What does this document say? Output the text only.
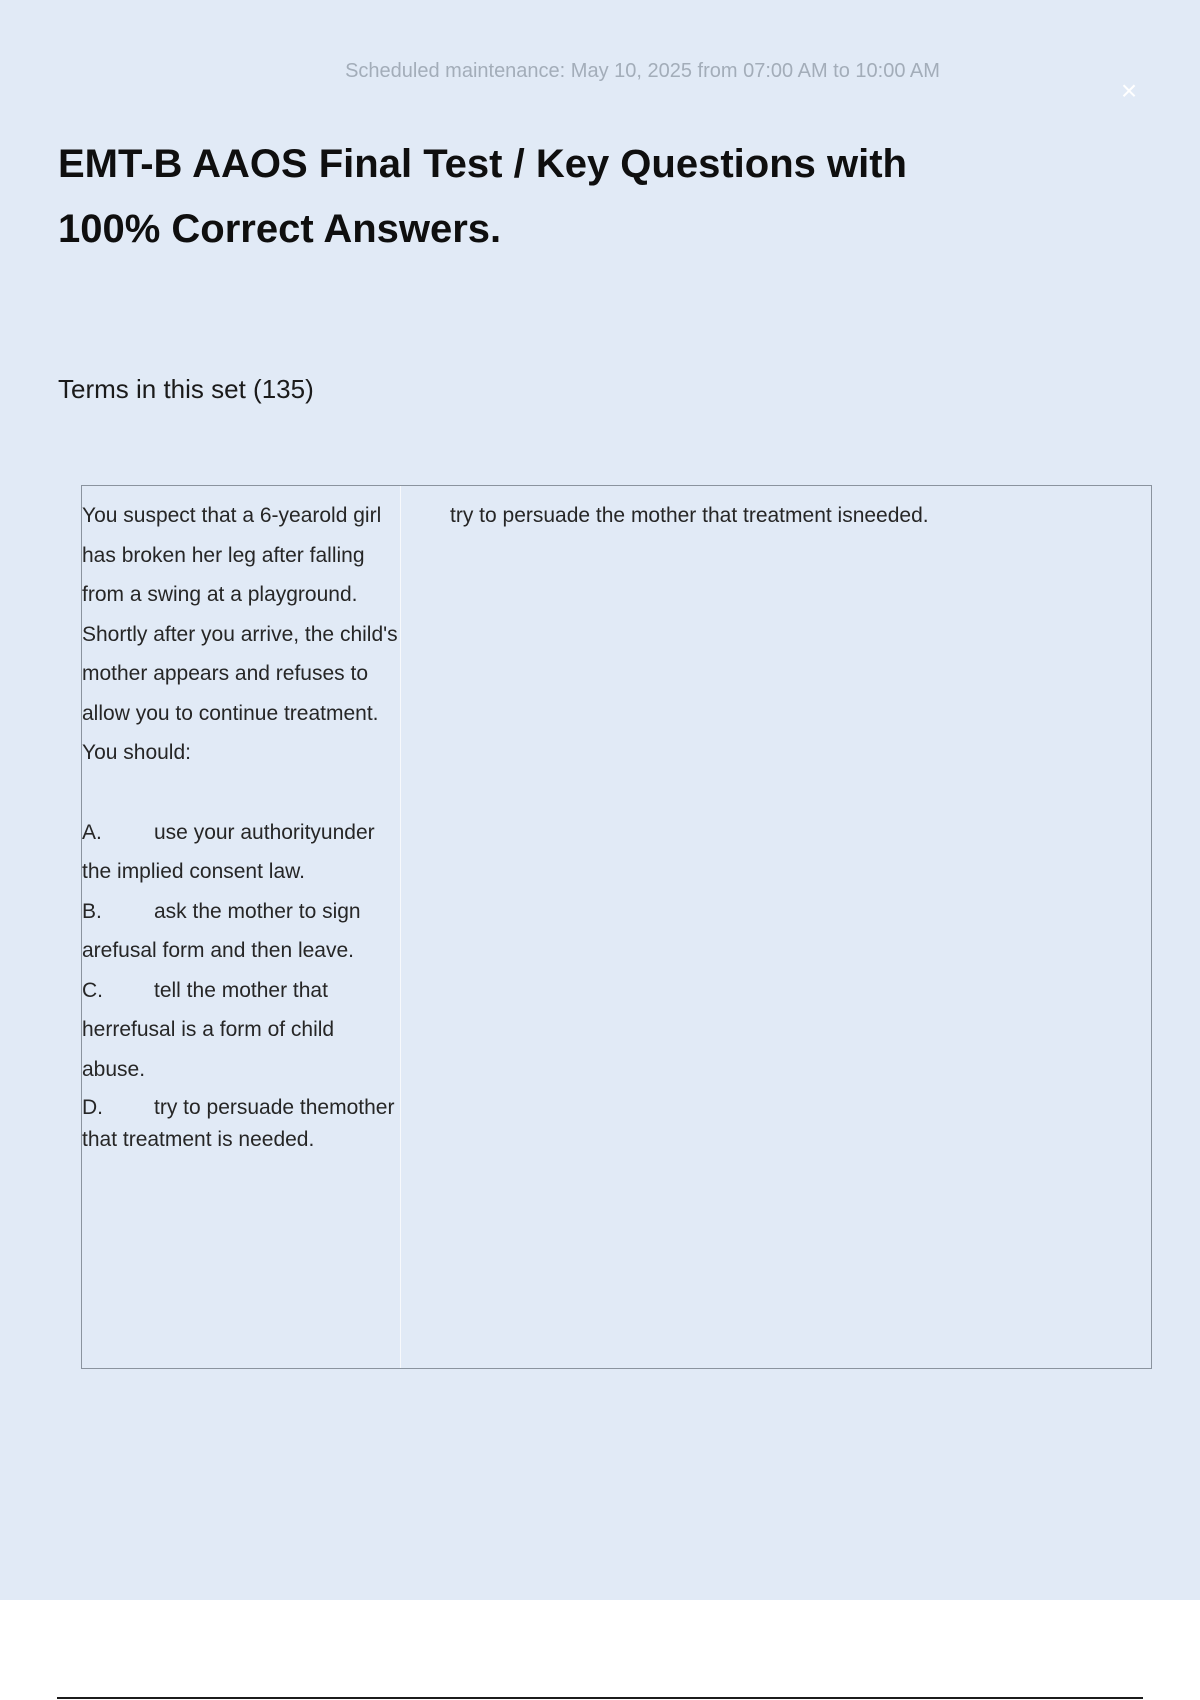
Scheduled maintenance: May 10, 2025 from 07:00 AM to 10:00 AM
×
EMT-B AAOS Final Test / Key Questions with 100% Correct Answers.
Terms in this set (135)

You suspect that a 6-yearold girl has broken her leg after falling from a swing at a playground. Shortly after you arrive, the child's mother appears and refuses to allow you to continue treatment. You should:

A. use your authorityunder the implied consent law.
B. ask the mother to sign arefusal form and then leave.
C. tell the mother that herrefusal is a form of child abuse.
D. try to persuade themother that treatment is needed.
try to persuade the mother that treatment isneeded.
